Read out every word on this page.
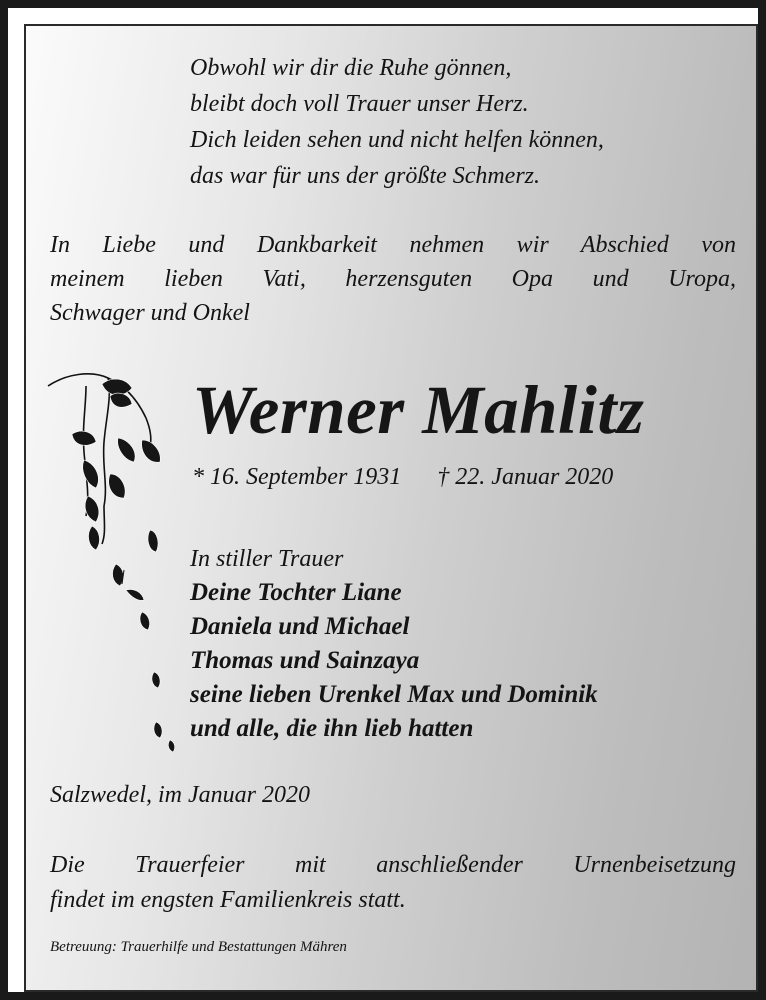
Obwohl wir dir die Ruhe gönnen,
bleibt doch voll Trauer unser Herz.
Dich leiden sehen und nicht helfen können,
das war für uns der größte Schmerz.
In Liebe und Dankbarkeit nehmen wir Abschied von
meinem lieben Vati, herzensguten Opa und Uropa,
Schwager und Onkel
Werner Mahlitz
* 16. September 1931 † 22. Januar 2020
In stiller Trauer
Deine Tochter Liane
Daniela und Michael
Thomas und Sainzaya
seine lieben Urenkel Max und Dominik
und alle, die ihn lieb hatten
Salzwedel, im Januar 2020
Die Trauerfeier mit anschließender Urnenbeisetzung
findet im engsten Familienkreis statt.
Betreuung: Trauerhilfe und Bestattungen Mähren
